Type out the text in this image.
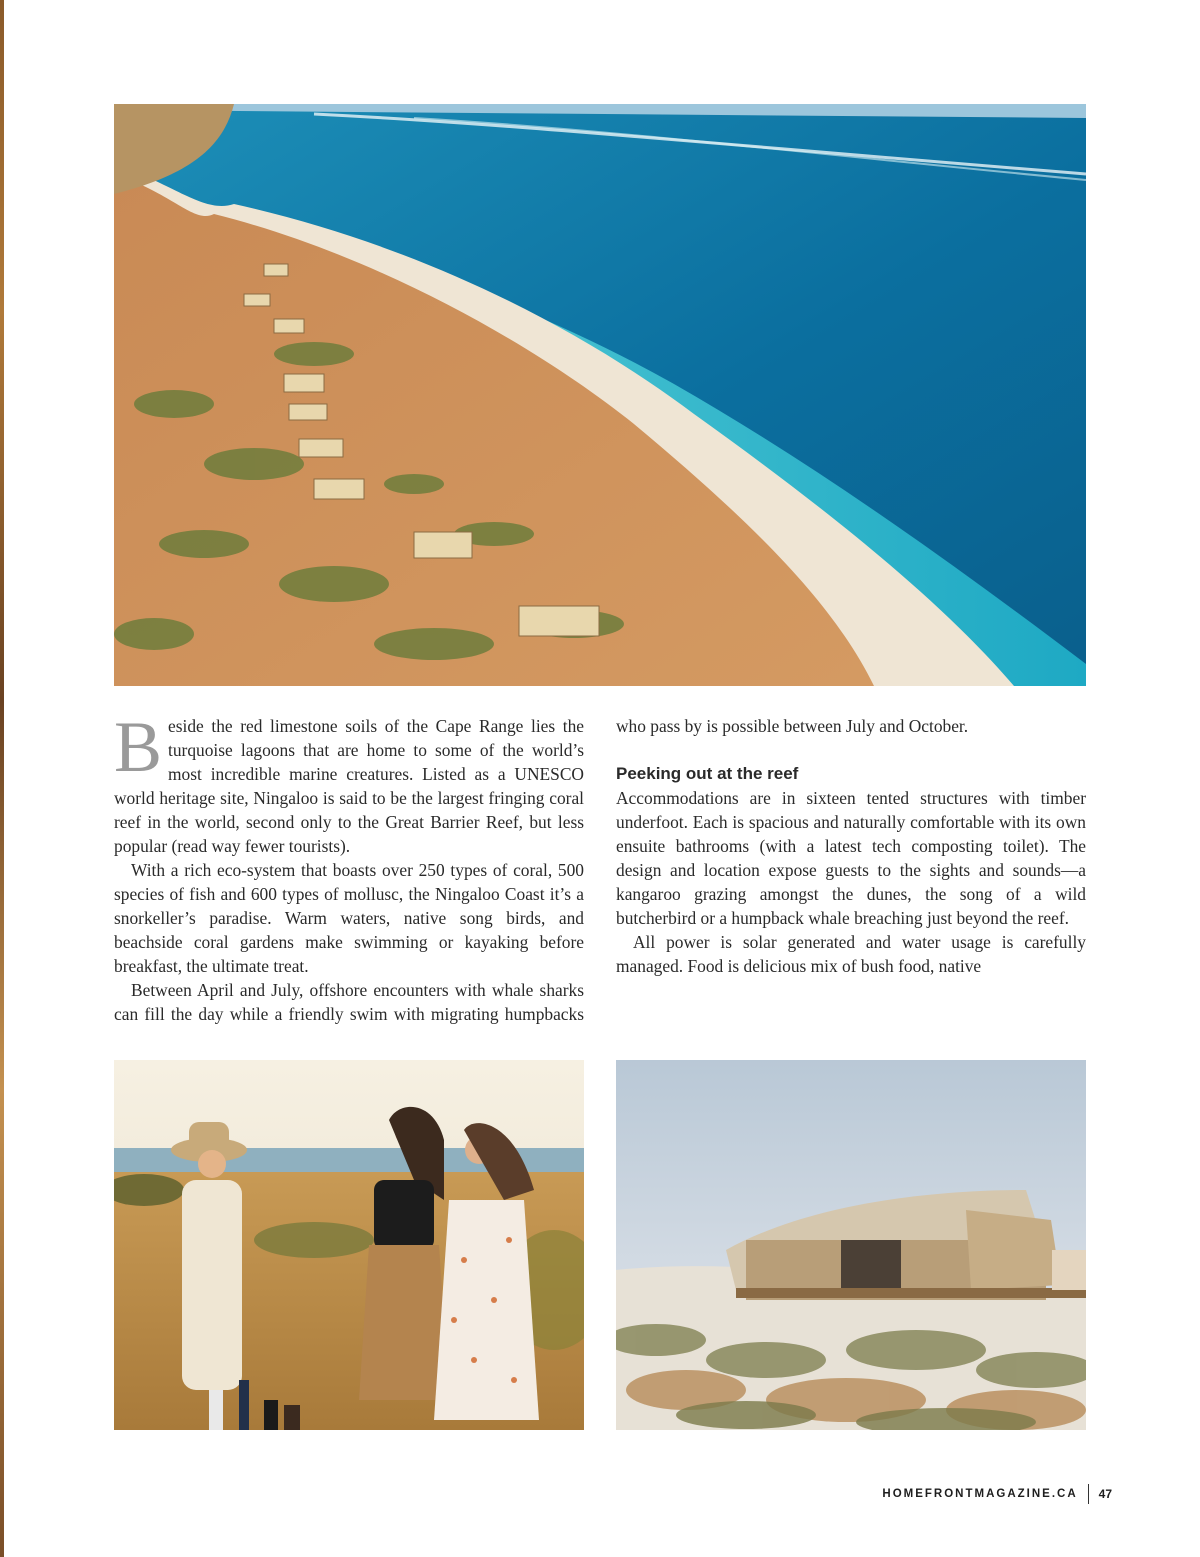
Beside the red limestone soils of the Cape Range lies the turquoise lagoons that are home to some of the world’s most incredible marine creatures. Listed as a UNESCO world heritage site, Ningaloo is said to be the largest fringing coral reef in the world, second only to the Great Barrier Reef, but less popular (read way fewer tourists).

With a rich eco-system that boasts over 250 types of coral, 500 species of fish and 600 types of mollusc, the Ningaloo Coast it’s a snorkeller’s paradise. Warm waters, native song birds, and beachside coral gardens make swimming or kayaking before breakfast, the ultimate treat.

Between April and July, offshore encounters with whale sharks can fill the day while a friendly swim with migrating humpbacks

who pass by is possible between July and October.

Peeking out at the reef

Accommodations are in sixteen tented structures with timber underfoot. Each is spacious and naturally comfortable with its own ensuite bathrooms (with a latest tech composting toilet). The design and location expose guests to the sights and sounds—a kangaroo grazing amongst the dunes, the song of a wild butcherbird or a humpback whale breaching just beyond the reef.

All power is solar generated and water usage is carefully managed. Food is delicious mix of bush food, native

HOMEFRONTMAGAZINE.CA 47
